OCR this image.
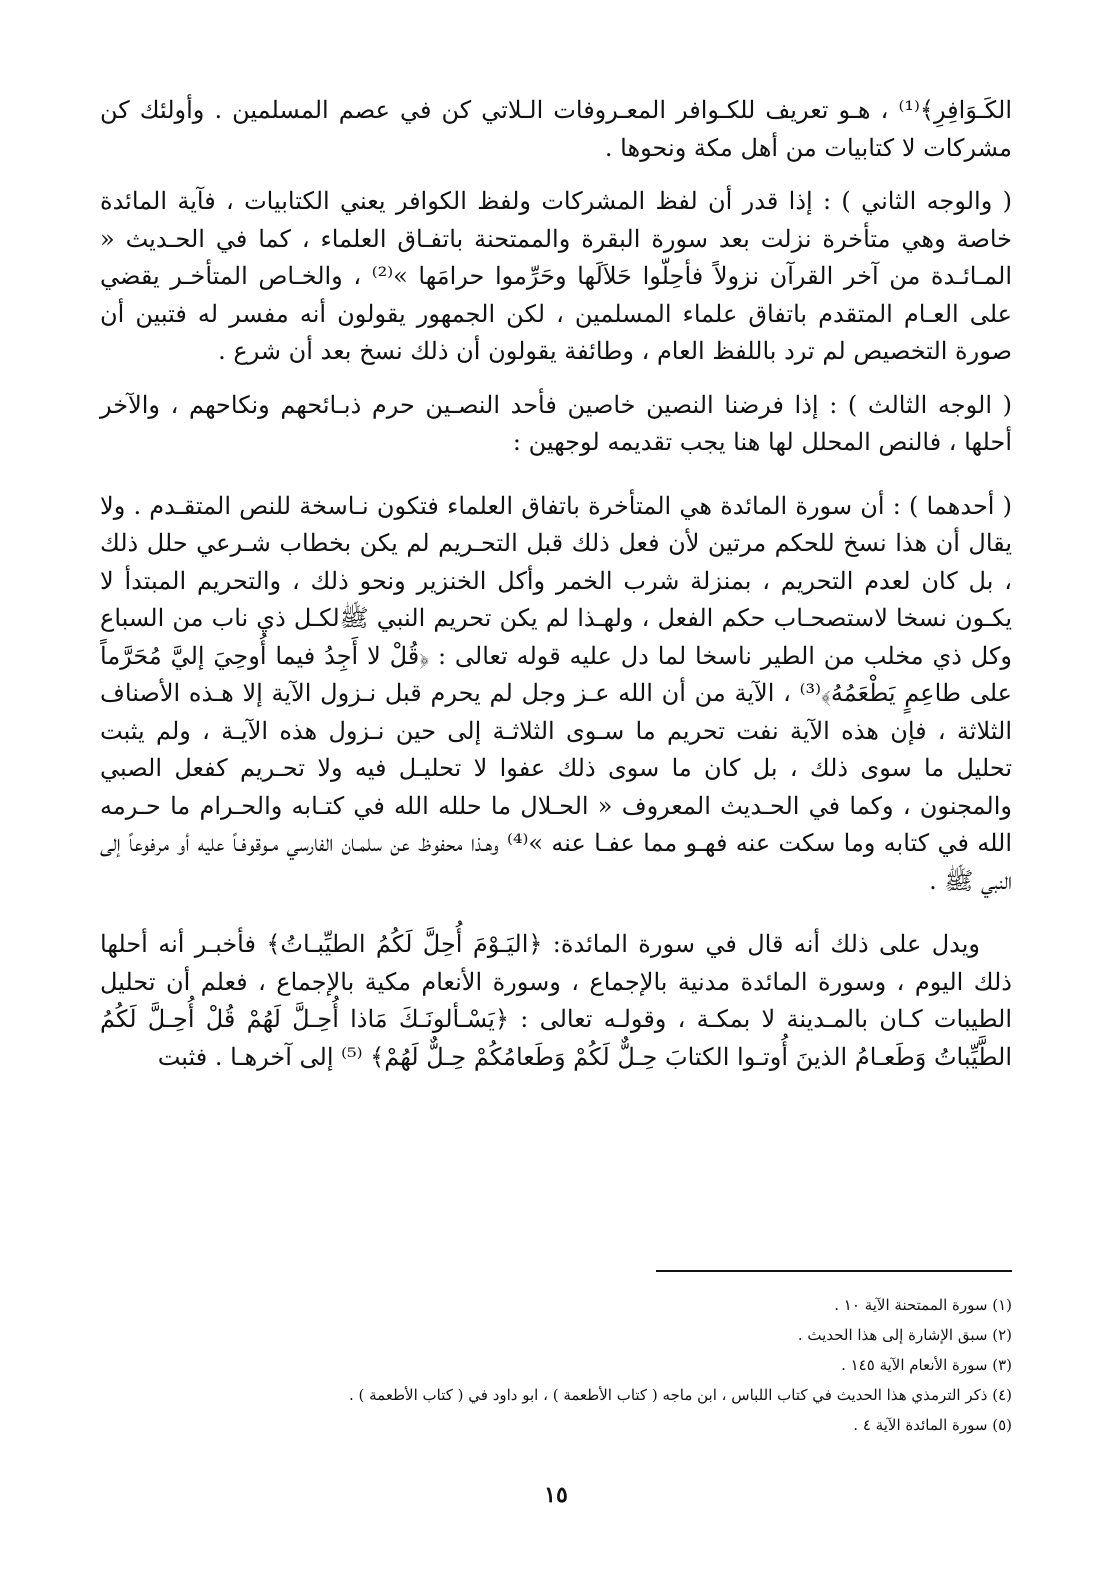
الكَـوَافِرِ﴾⁽¹⁾ ، هـو تعريف للكـوافر المعـروفات الـلاتي كن في عصم المسلمين . وأولئك كن مشركات لا كتابيات من أهل مكة ونحوها .

( والوجه الثاني ) : إذا قدر أن لفظ المشركات ولفظ الكوافر يعني الكتابيات ، فآية المائدة خاصة وهي متأخرة نزلت بعد سورة البقرة والممتحنة باتفـاق العلماء ، كما في الحـديث « المـائـدة من آخر القرآن نزولاً فأحِلّوا حَلاَلَها وحَرِّموا حرامَها »⁽²⁾ ، والخـاص المتأخـر يقضي على العـام المتقدم باتفاق علماء المسلمين ، لكن الجمهور يقولون أنه مفسر له فتبين أن صورة التخصيص لم ترد باللفظ العام ، وطائفة يقولون أن ذلك نسخ بعد أن شرع .

( الوجه الثالث ) : إذا فرضنا النصين خاصين فأحد النصـين حرم ذبـائحهم ونكاحهم ، والآخر أحلها ، فالنص المحلل لها هنا يجب تقديمه لوجهين :

( أحدهما ) : أن سورة المائدة هي المتأخرة باتفاق العلماء فتكون نـاسخة للنص المتقـدم . ولا يقال أن هذا نسخ للحكم مرتين لأن فعل ذلك قبل التحـريم لم يكن بخطاب شـرعي حلل ذلك ، بل كان لعدم التحريم ، بمنزلة شرب الخمر وأكل الخنزير ونحو ذلك ، والتحريم المبتدأ لا يكـون نسخا لاستصحـاب حكم الفعل ، ولهـذا لم يكن تحريم النبي ﷺلكـل ذي ناب من السباع وكل ذي مخلب من الطير ناسخا لما دل عليه قوله تعالى : ﴿قُلْ لا أَجِدُ فيما أُوحِيَ إليَّ مُحَرَّماً على طاعِمٍ يَطْعَمُهُ﴾⁽³⁾ ، الآية من أن الله عـز وجل لم يحرم قبل نـزول الآية إلا هـذه الأصناف الثلاثة ، فإن هذه الآية نفت تحريم ما سـوى الثلاثـة إلى حين نـزول هذه الآيـة ، ولم يثبت تحليل ما سوى ذلك ، بل كان ما سوى ذلك عفوا لا تحليـل فيه ولا تحـريم كفعل الصبي والمجنون ، وكما في الحـديث المعروف « الحـلال ما حلله الله في كتـابه والحـرام ما حـرمه الله في كتابه وما سكت عنه فهـو مما عفـا عنه »⁽⁴⁾ وهـذا محفوظ عن سلمـان الفارسي مـوقوفـاً عليه أو مرفوعاً إلى النبي ﷺ .

ويدل على ذلك أنه قال في سورة المائدة: ﴿اليَـوْمَ أُحِلَّ لَكُمُ الطيِّبـاتُ﴾ فأخبـر أنه أحلها ذلك اليوم ، وسورة المائدة مدنية بالإجماع ، وسورة الأنعام مكية بالإجماع ، فعلم أن تحليل الطيبات كـان بالمـدينة لا بمكـة ، وقولـه تعالى : ﴿يَسْـألونَـكَ مَاذا أُحِـلَّ لَهُمْ قُلْ أُحِـلَّ لَكُمُ الطَّيِّباتُ وَطَعـامُ الذينَ أُوتـوا الكتابَ حِـلٌّ لَكُمْ وَطَعامُكُمْ حِـلٌّ لَهُمْ﴾ ⁽⁵⁾ إلى آخرهـا . فثبت

(١) سورة الممتحنة الآية ١٠ .

(٢) سبق الإشارة إلى هذا الحديث .

(٣) سورة الأنعام الآية ١٤٥ .

(٤) ذكر الترمذي هذا الحديث في كتاب اللباس ، ابن ماجه ( كتاب الأطعمة ) ، ابو داود في ( كتاب الأطعمة ) .

(٥) سورة المائدة الآية ٤ .

١٥
